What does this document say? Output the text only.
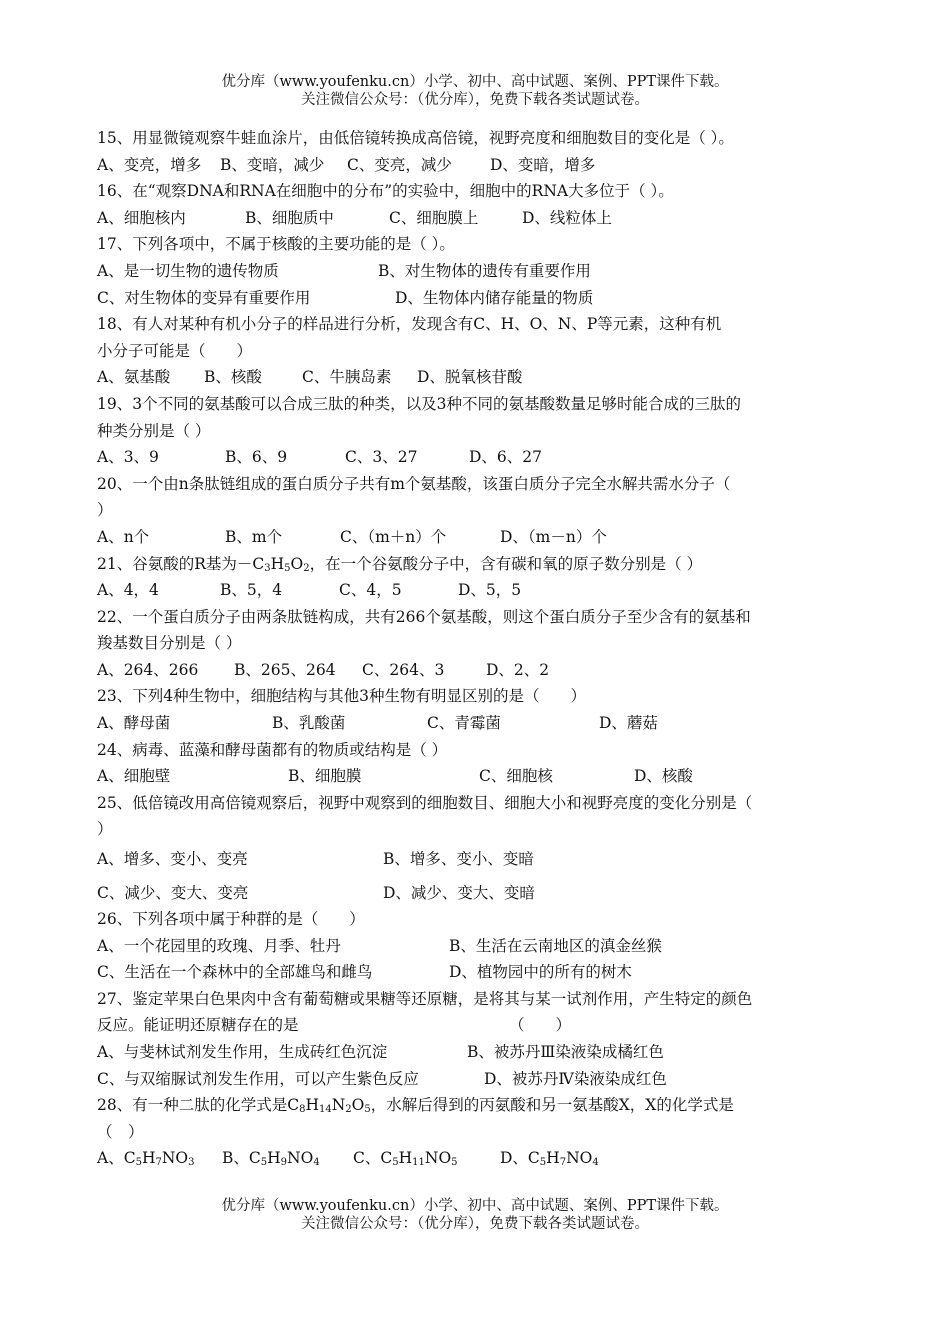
优分库（www.youfenku.cn）小学、初中、高中试题、案例、PPT课件下载。
关注微信公众号：（优分库），免费下载各类试题试卷。
15、用显微镜观察牛蛙血涂片，由低倍镜转换成高倍镜，视野亮度和细胞数目的变化是（ ）。
A、变亮，增多	B、变暗，减少	C、变亮，减少	D、变暗，增多
16、在“观察DNA和RNA在细胞中的分布”的实验中，细胞中的RNA大多位于（ ）。
A、细胞核内	B、细胞质中	C、细胞膜上	D、线粒体上
17、下列各项中，不属于核酸的主要功能的是（ ）。
A、是一切生物的遗传物质	B、对生物体的遗传有重要作用
C、对生物体的变异有重要作用	D、生物体内储存能量的物质
18、有人对某种有机小分子的样品进行分析，发现含有C、H、O、N、P等元素，这种有机
小分子可能是（　　）
A、氨基酸	B、核酸	C、牛胰岛素	D、脱氧核苷酸
19、3个不同的氨基酸可以合成三肽的种类，以及3种不同的氨基酸数量足够时能合成的三肽的
种类分别是（ ）
A、3、9	B、6、9	C、3、27	D、6、27
20、一个由n条肽链组成的蛋白质分子共有m个氨基酸，该蛋白质分子完全水解共需水分子（
）
A、n个	B、m个	C、（m＋n）个	D、（m－n）个
21、谷氨酸的R基为$-C_3H_5O_2$，在一个谷氨酸分子中，含有碳和氧的原子数分别是（ ）
A、4，4	B、5，4	C、4，5	D、5，5
22、一个蛋白质分子由两条肽链构成，共有266个氨基酸，则这个蛋白质分子至少含有的氨基和
羧基数目分别是（ ）
A、264、266	B、265、264	C、264、3	D、2、2
23、下列4种生物中，细胞结构与其他3种生物有明显区别的是（　　）
A、酵母菌	B、乳酸菌	C、青霉菌	D、蘑菇
24、病毒、蓝藻和酵母菌都有的物质或结构是（ ）
A、细胞壁	B、细胞膜	C、细胞核	D、核酸
25、低倍镜改用高倍镜观察后，视野中观察到的细胞数目、细胞大小和视野亮度的变化分别是（
）
A、增多、变小、变亮	B、增多、变小、变暗
C、减少、变大、变亮	D、减少、变大、变暗
26、下列各项中属于种群的是（　　）
A、一个花园里的玫瑰、月季、牡丹	B、生活在云南地区的滇金丝猴
C、生活在一个森林中的全部雄鸟和雌鸟	D、植物园中的所有的树木
27、鉴定苹果白色果肉中含有葡萄糖或果糖等还原糖，是将其与某一试剂作用，产生特定的颜色
反应。能证明还原糖存在的是	（　　）
A、与斐林试剂发生作用，生成砖红色沉淀	B、被苏丹Ⅲ染液染成橘红色
C、与双缩脲试剂发生作用，可以产生紫色反应	D、被苏丹Ⅳ染液染成红色
28、有一种二肽的化学式是$C_8H_{14}N_2O_5$，水解后得到的丙氨酸和另一氨基酸X，X的化学式是
（　）
A、$C_5H_7NO_3$	B、$C_5H_9NO_4$	C、$C_5H_{11}NO_5$	D、$C_5H_7NO_4$
优分库（www.youfenku.cn）小学、初中、高中试题、案例、PPT课件下载。
关注微信公众号：（优分库），免费下载各类试题试卷。
